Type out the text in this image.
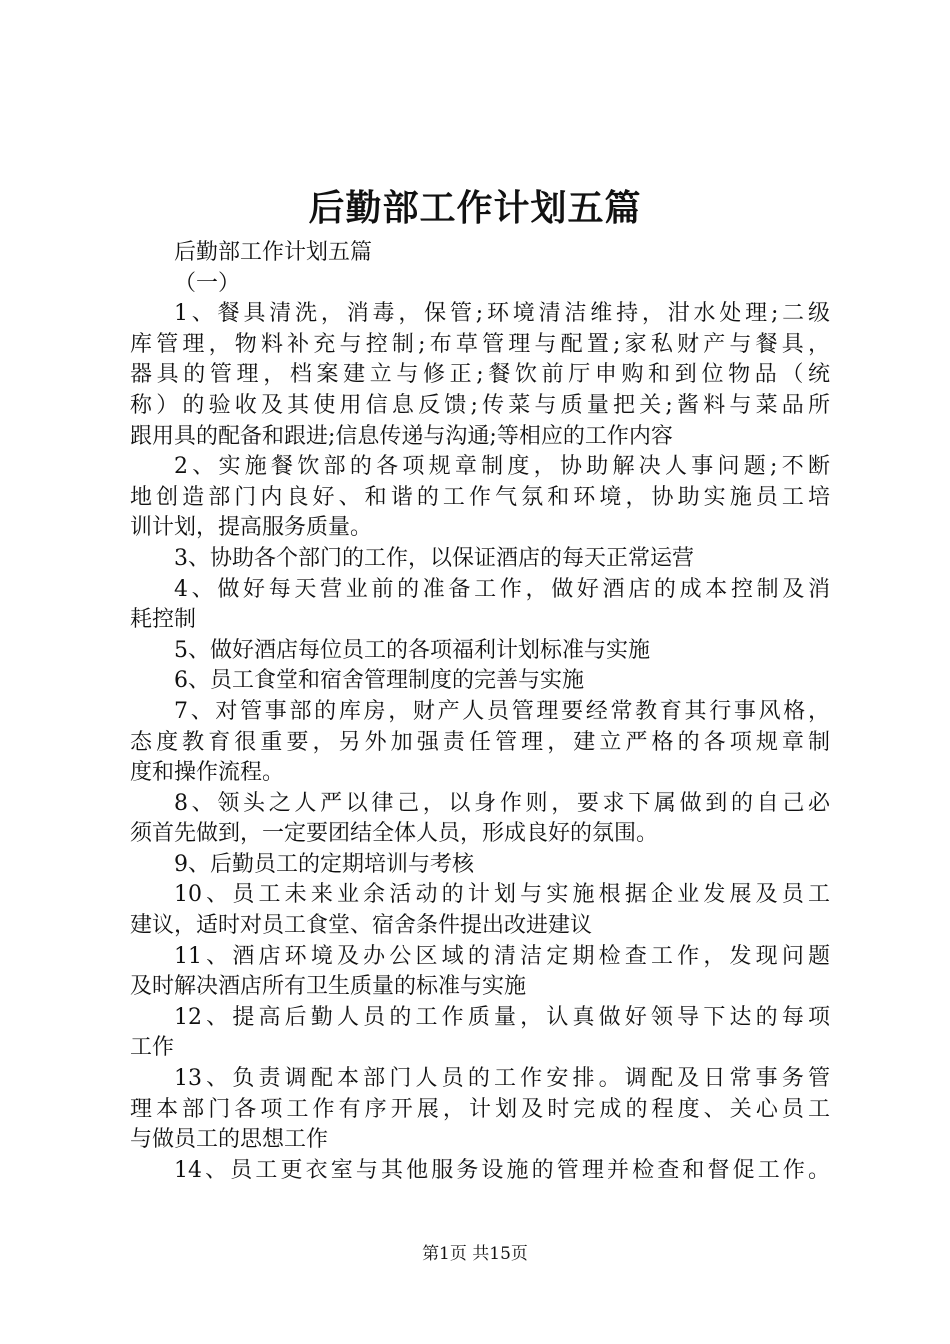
后勤部工作计划五篇
后勤部工作计划五篇
（一）
1、餐具清洗，消毒，保管;环境清洁维持，泔水处理;二级
库管理，物料补充与控制;布草管理与配置;家私财产与餐具，
器具的管理，档案建立与修正;餐饮前厅申购和到位物品（统
称）的验收及其使用信息反馈;传菜与质量把关;酱料与菜品所
跟用具的配备和跟进;信息传递与沟通;等相应的工作内容
2、实施餐饮部的各项规章制度，协助解决人事问题;不断
地创造部门内良好、和谐的工作气氛和环境，协助实施员工培
训计划，提高服务质量。
3、协助各个部门的工作，以保证酒店的每天正常运营
4、做好每天营业前的准备工作，做好酒店的成本控制及消
耗控制
5、做好酒店每位员工的各项福利计划标准与实施
6、员工食堂和宿舍管理制度的完善与实施
7、对管事部的库房，财产人员管理要经常教育其行事风格，
态度教育很重要，另外加强责任管理，建立严格的各项规章制
度和操作流程。
8、领头之人严以律己，以身作则，要求下属做到的自己必
须首先做到，一定要团结全体人员，形成良好的氛围。
9、后勤员工的定期培训与考核
10、员工未来业余活动的计划与实施根据企业发展及员工
建议，适时对员工食堂、宿舍条件提出改进建议
11、酒店环境及办公区域的清洁定期检查工作，发现问题
及时解决酒店所有卫生质量的标准与实施
12、提高后勤人员的工作质量，认真做好领导下达的每项
工作
13、负责调配本部门人员的工作安排。调配及日常事务管
理本部门各项工作有序开展，计划及时完成的程度、关心员工
与做员工的思想工作
14、员工更衣室与其他服务设施的管理并检查和督促工作。
第1页 共15页
